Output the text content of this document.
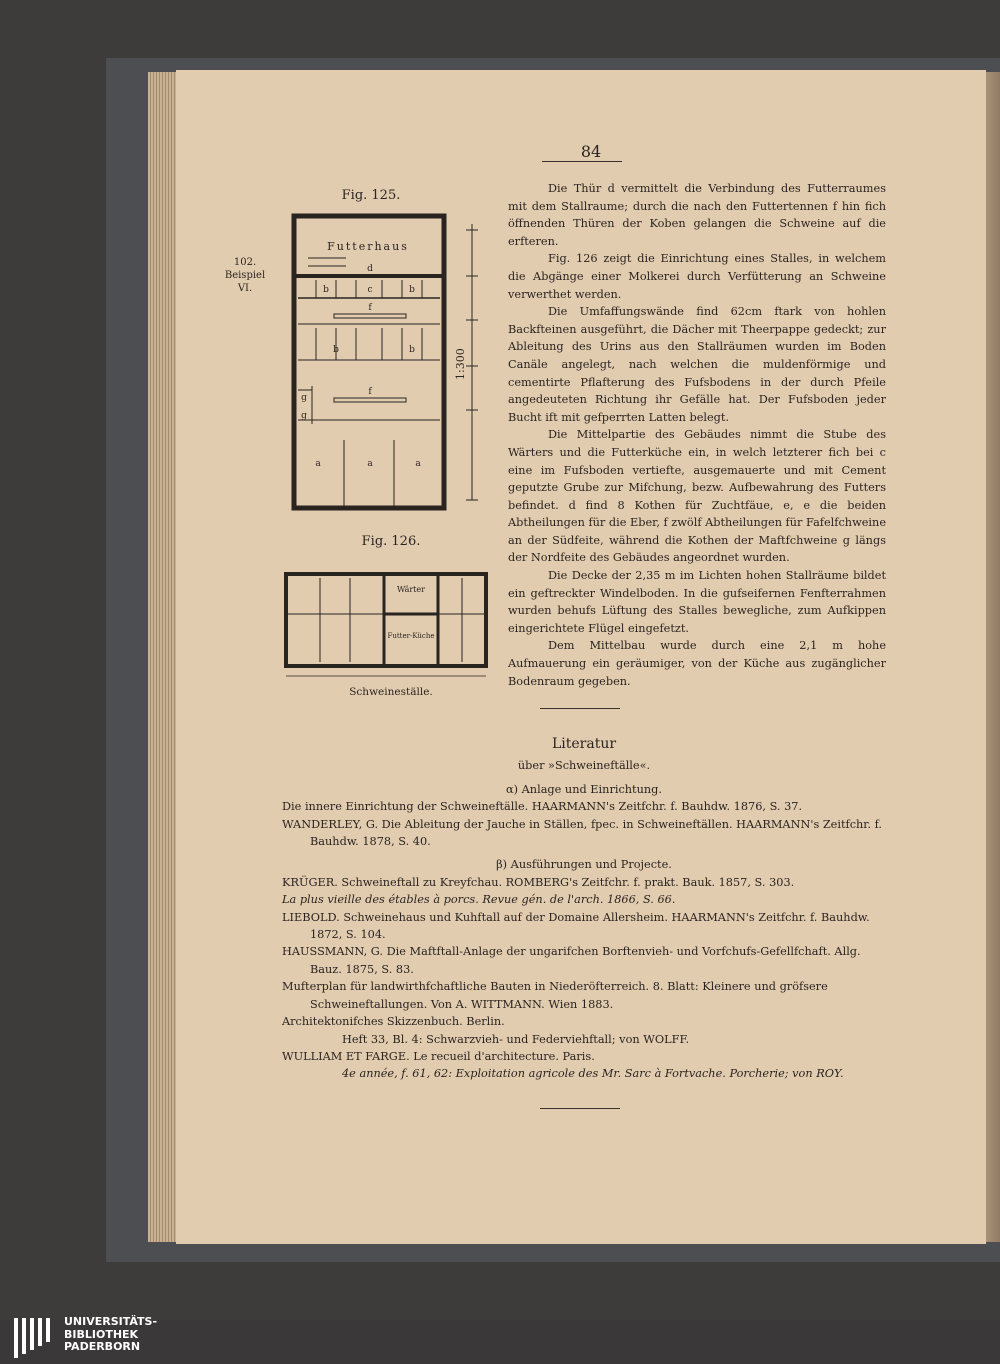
84
Fig. 125.
102.
Beispiel VI.
Futterhaus
d
b	c	b
f
b	b
f
g
g
a	a	a
1:300
Fig. 126.
Wärter
Futter-Küche
Schweineställe.

Die Thür d vermittelt die Verbindung des Futterraumes mit dem Stallraume; durch die nach den Futtertennen f hin fich öffnenden Thüren der Koben gelangen die Schweine auf die erfteren.

Fig. 126 zeigt die Einrichtung eines Stalles, in welchem die Abgänge einer Molkerei durch Verfütterung an Schweine verwerthet werden.

Die Umfaffungswände find 62cm ftark von hohlen Backfteinen ausgeführt, die Dächer mit Theerpappe gedeckt; zur Ableitung des Urins aus den Stallräumen wurden im Boden Canäle angelegt, nach welchen die muldenförmige und cementirte Pflafterung des Fufsbodens in der durch Pfeile angedeuteten Richtung ihr Gefälle hat. Der Fufsboden jeder Bucht ift mit gefperrten Latten belegt.

Die Mittelpartie des Gebäudes nimmt die Stube des Wärters und die Futterküche ein, in welch letzterer fich bei c eine im Fufsboden vertiefte, ausgemauerte und mit Cement geputzte Grube zur Mifchung, bezw. Aufbewahrung des Futters befindet. d find 8 Kothen für Zuchtfäue, e, e die beiden Abtheilungen für die Eber, f zwölf Abtheilungen für Fafelfchweine an der Südfeite, während die Kothen der Maftfchweine g längs der Nordfeite des Gebäudes angeordnet wurden.

Die Decke der 2,35 m im Lichten hohen Stallräume bildet ein geftreckter Windelboden. In die gufseifernen Fenfterrahmen wurden behufs Lüftung des Stalles bewegliche, zum Aufkippen eingerichtete Flügel eingefetzt.

Dem Mittelbau wurde durch eine 2,1 m hohe Aufmauerung ein geräumiger, von der Küche aus zugänglicher Bodenraum gegeben.

Literatur

über »Schweineftälle«.

α) Anlage und Einrichtung.

Die innere Einrichtung der Schweineftälle. HAARMANN's Zeitfchr. f. Bauhdw. 1876, S. 37.

WANDERLEY, G. Die Ableitung der Jauche in Ställen, fpec. in Schweineftällen. HAARMANN's Zeitfchr. f. Bauhdw. 1878, S. 40.

β) Ausführungen und Projecte.

KRÜGER. Schweineftall zu Kreyfchau. ROMBERG's Zeitfchr. f. prakt. Bauk. 1857, S. 303.

La plus vieille des étables à porcs. Revue gén. de l'arch. 1866, S. 66.

LIEBOLD. Schweinehaus und Kuhftall auf der Domaine Allersheim. HAARMANN's Zeitfchr. f. Bauhdw. 1872, S. 104.

HAUSSMANN, G. Die Maftftall-Anlage der ungarifchen Borftenvieh- und Vorfchufs-Gefellfchaft. Allg. Bauz. 1875, S. 83.

Mufterplan für landwirthfchaftliche Bauten in Niederöfterreich. 8. Blatt: Kleinere und gröfsere Schweineftallungen. Von A. WITTMANN. Wien 1883.

Architektonifches Skizzenbuch. Berlin.

Heft 33, Bl. 4: Schwarzvieh- und Federviehftall; von WOLFF.

WULLIAM ET FARGE. Le recueil d'architecture. Paris.

4e année, f. 61, 62: Exploitation agricole des Mr. Sarc à Fortvache. Porcherie; von ROY.

UNIVERSITÄTS-
BIBLIOTHEK
PADERBORN
